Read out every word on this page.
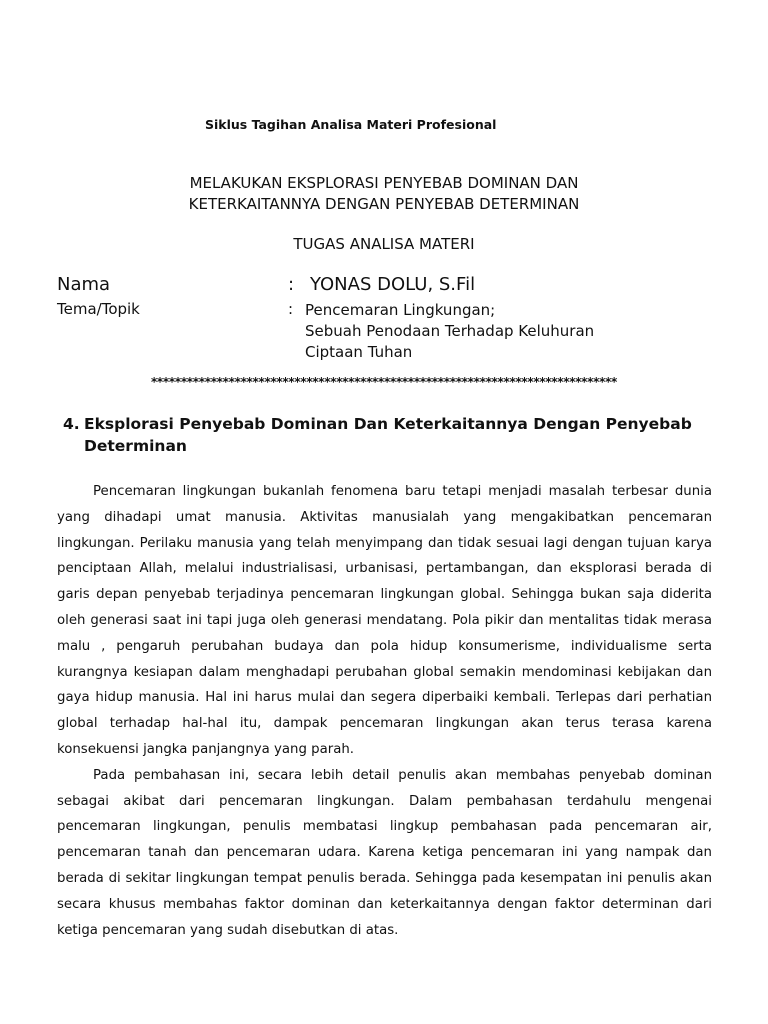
Siklus Tagihan Analisa Materi Profesional
MELAKUKAN EKSPLORASI PENYEBAB DOMINAN DAN
KETERKAITANNYA DENGAN PENYEBAB DETERMINAN
TUGAS ANALISA MATERI
Nama	: YONAS DOLU, S.Fil
Tema/Topik	: Pencemaran Lingkungan;
Sebuah Penodaan Terhadap Keluhuran
Ciptaan Tuhan
******************************************************************************
4. Eksplorasi Penyebab Dominan Dan Keterkaitannya Dengan Penyebab
Determinan

Pencemaran lingkungan bukanlah fenomena baru tetapi menjadi masalah terbesar dunia yang dihadapi umat manusia. Aktivitas manusialah yang mengakibatkan pencemaran lingkungan. Perilaku manusia yang telah menyimpang dan tidak sesuai lagi dengan tujuan karya penciptaan Allah, melalui industrialisasi, urbanisasi, pertambangan, dan eksplorasi berada di garis depan penyebab terjadinya pencemaran lingkungan global. Sehingga bukan saja diderita oleh generasi saat ini tapi juga oleh generasi mendatang. Pola pikir dan mentalitas tidak merasa malu , pengaruh perubahan budaya dan pola hidup konsumerisme, individualisme serta kurangnya kesiapan dalam menghadapi perubahan global semakin mendominasi kebijakan dan gaya hidup manusia. Hal ini harus mulai dan segera diperbaiki kembali. Terlepas dari perhatian global terhadap hal-hal itu, dampak pencemaran lingkungan akan terus terasa karena konsekuensi jangka panjangnya yang parah.

Pada pembahasan ini, secara lebih detail penulis akan membahas penyebab dominan sebagai akibat dari pencemaran lingkungan. Dalam pembahasan terdahulu mengenai pencemaran lingkungan, penulis membatasi lingkup pembahasan pada pencemaran air, pencemaran tanah dan pencemaran udara. Karena ketiga pencemaran ini yang nampak dan berada di sekitar lingkungan tempat penulis berada. Sehingga pada kesempatan ini penulis akan secara khusus membahas faktor dominan dan keterkaitannya dengan faktor determinan dari ketiga pencemaran yang sudah disebutkan di atas.
